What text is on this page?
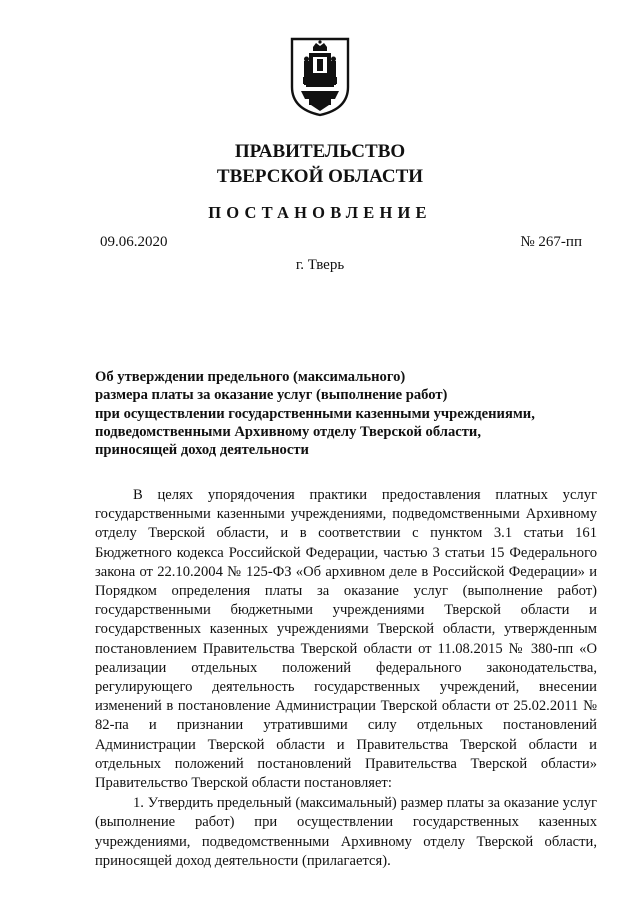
ПРАВИТЕЛЬСТВО
ТВЕРСКОЙ ОБЛАСТИ
ПОСТАНОВЛЕНИЕ
09.06.2020	№ 267-пп
г. Тверь
Об утверждении предельного (максимального)
размера платы за оказание услуг (выполнение работ)
при осуществлении государственными казенными учреждениями,
подведомственными Архивному отделу Тверской области,
приносящей доход деятельности

В целях упорядочения практики предоставления платных услуг государственными казенными учреждениями, подведомственными Архивному отделу Тверской области, и в соответствии с пунктом 3.1 статьи 161 Бюджетного кодекса Российской Федерации, частью 3 статьи 15 Федерального закона от 22.10.2004 № 125-ФЗ «Об архивном деле в Российской Федерации» и Порядком определения платы за оказание услуг (выполнение работ) государственными бюджетными учреждениями Тверской области и государственных казенных учреждениями Тверской области, утвержденным постановлением Правительства Тверской области от 11.08.2015 № 380-пп «О реализации отдельных положений федерального законодательства, регулирующего деятельность государственных учреждений, внесении изменений в постановление Администрации Тверской области от 25.02.2011 № 82-па и признании утратившими силу отдельных постановлений Администрации Тверской области и Правительства Тверской области и отдельных положений постановлений Правительства Тверской области» Правительство Тверской области постановляет:

1. Утвердить предельный (максимальный) размер платы за оказание услуг (выполнение работ) при осуществлении государственных казенных учреждениями, подведомственными Архивному отделу Тверской области, приносящей доход деятельности (прилагается).
